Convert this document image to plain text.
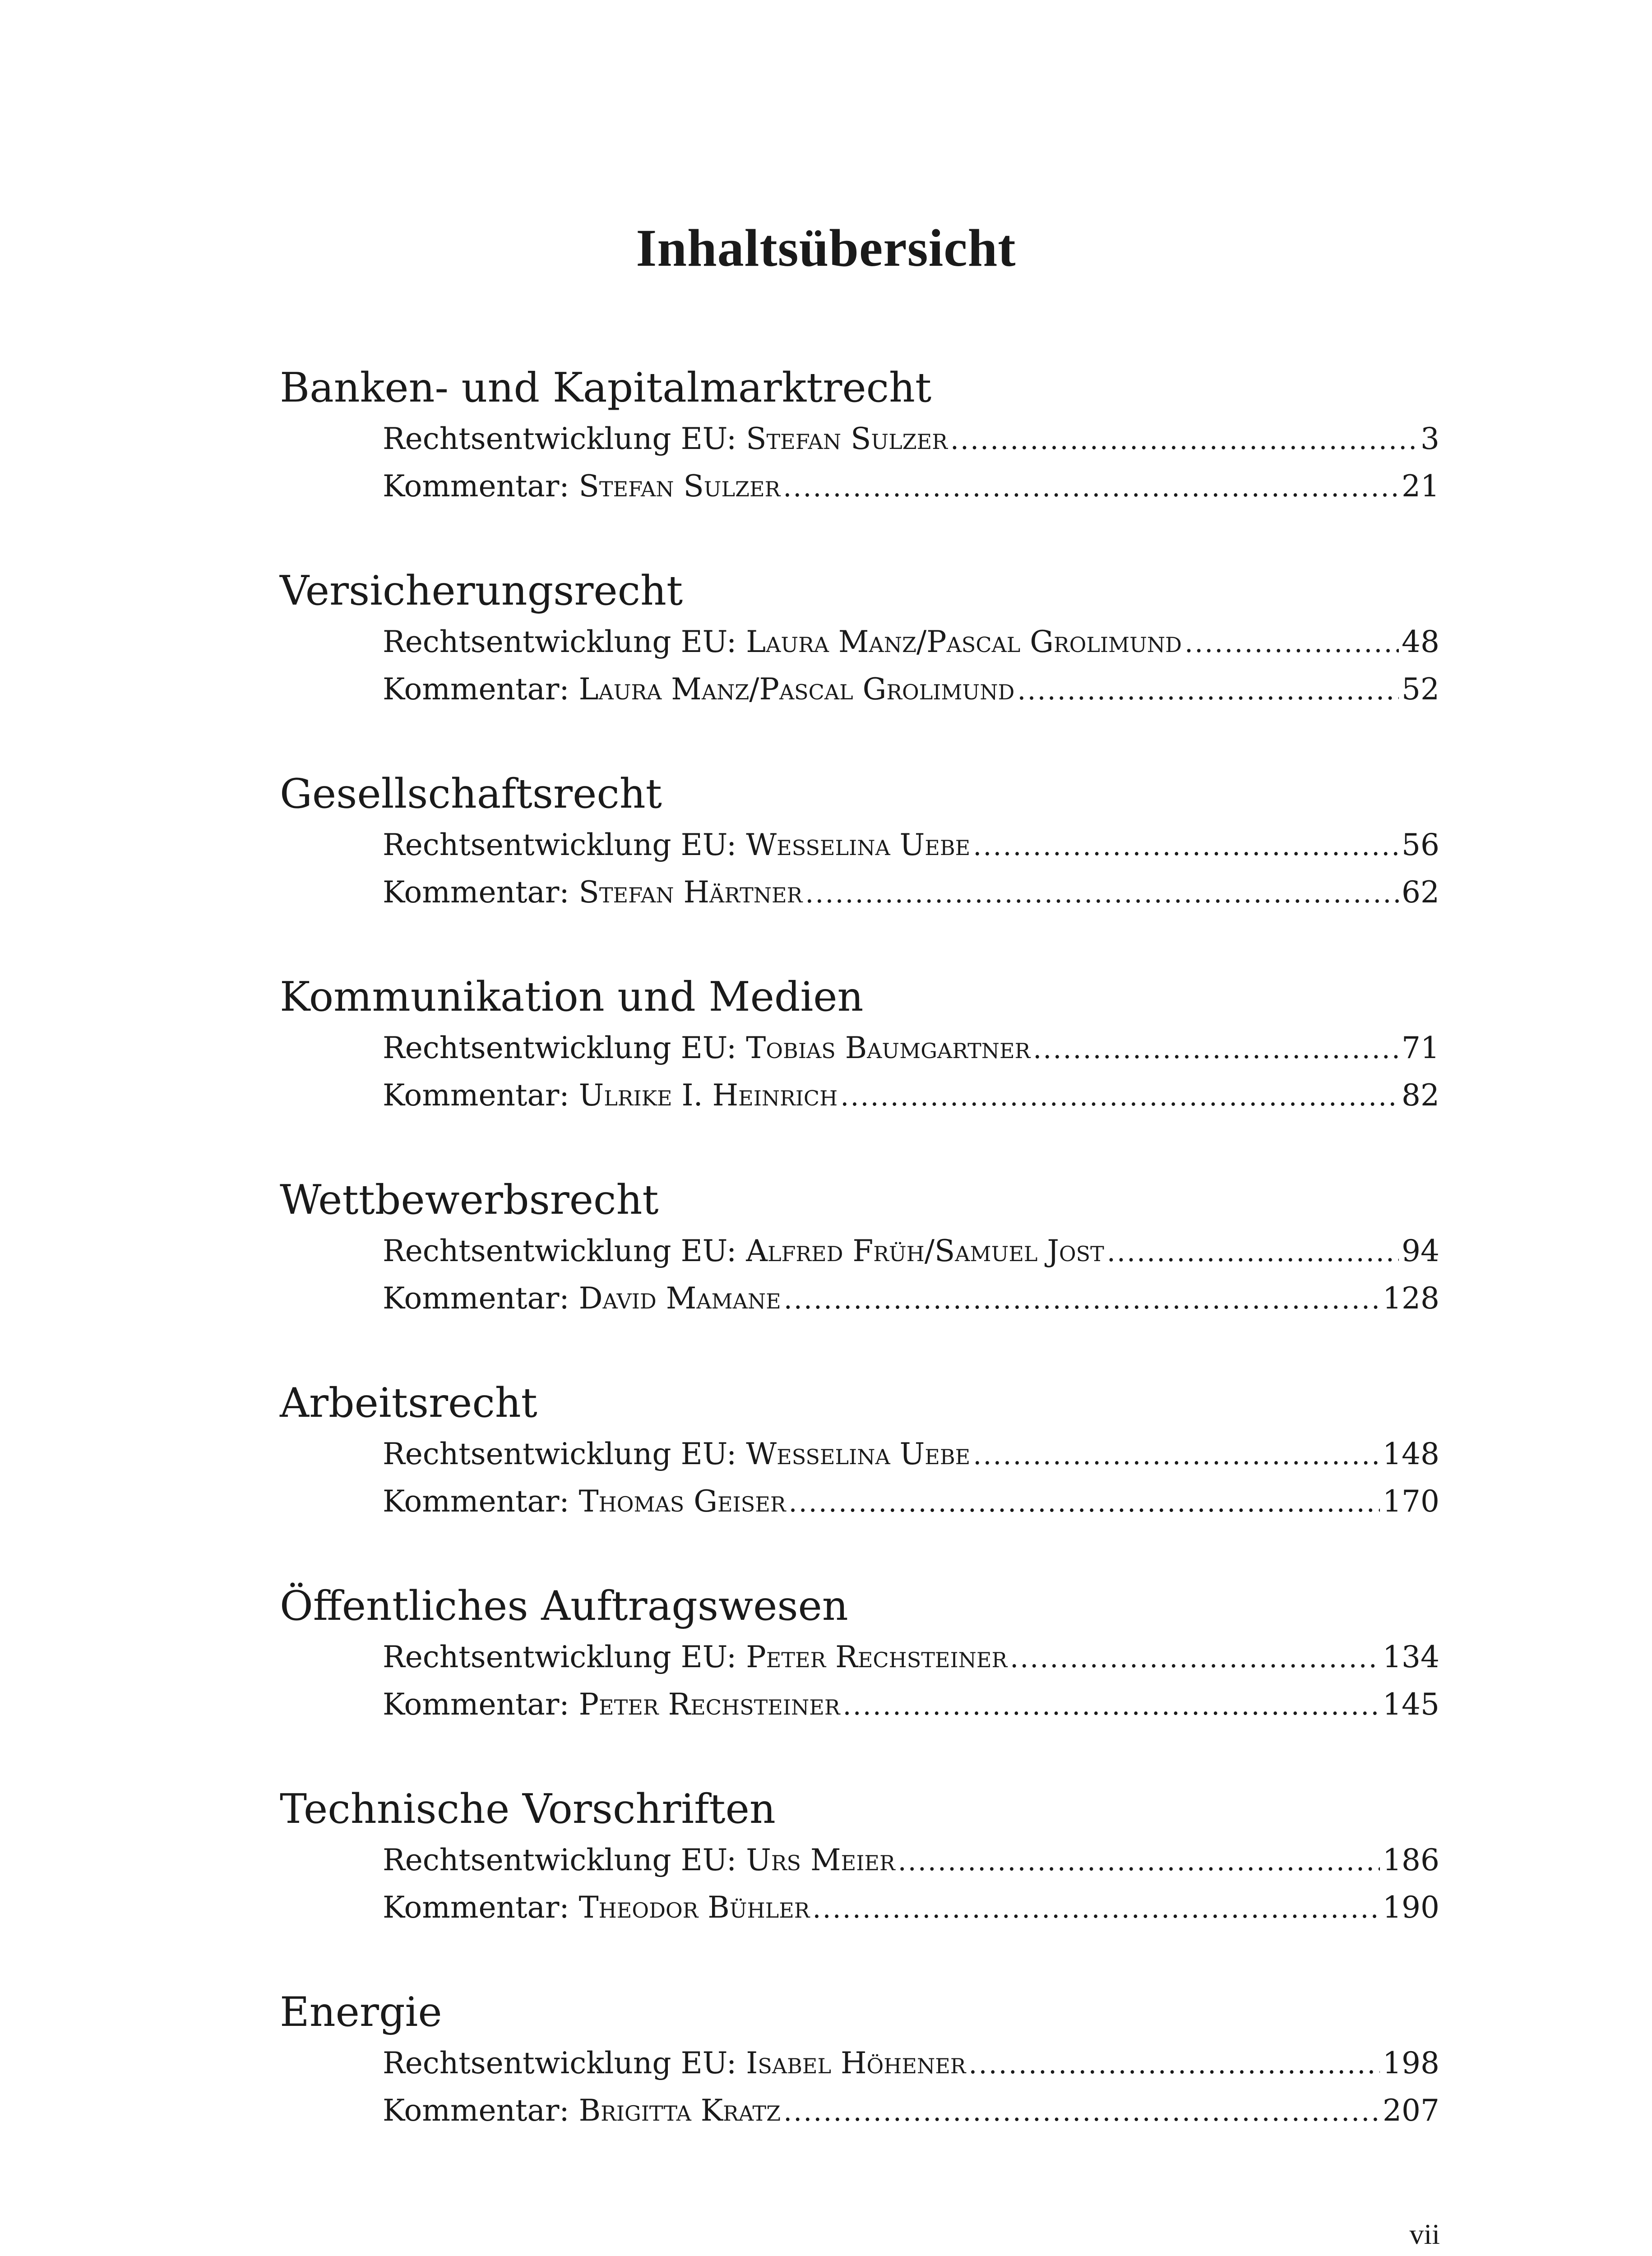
Inhaltsübersicht
Banken- und Kapitalmarktrecht
Rechtsentwicklung EU: Stefan Sulzer .....	3
Kommentar: Stefan Sulzer .....	21
Versicherungsrecht
Rechtsentwicklung EU: Laura Manz/Pascal Grolimund .....	48
Kommentar: Laura Manz/Pascal Grolimund .....	52
Gesellschaftsrecht
Rechtsentwicklung EU: Wesselina Uebe .....	56
Kommentar: Stefan Härtner .....	62
Kommunikation und Medien
Rechtsentwicklung EU: Tobias Baumgartner .....	71
Kommentar: Ulrike I. Heinrich .....	82
Wettbewerbsrecht
Rechtsentwicklung EU: Alfred Früh/Samuel Jost .....	94
Kommentar: David Mamane .....	128
Arbeitsrecht
Rechtsentwicklung EU: Wesselina Uebe .....	148
Kommentar: Thomas Geiser .....	170
Öffentliches Auftragswesen
Rechtsentwicklung EU: Peter Rechsteiner .....	134
Kommentar: Peter Rechsteiner .....	145
Technische Vorschriften
Rechtsentwicklung EU: Urs Meier .....	186
Kommentar: Theodor Bühler .....	190
Energie
Rechtsentwicklung EU: Isabel Höhener .....	198
Kommentar: Brigitta Kratz .....	207
vii
